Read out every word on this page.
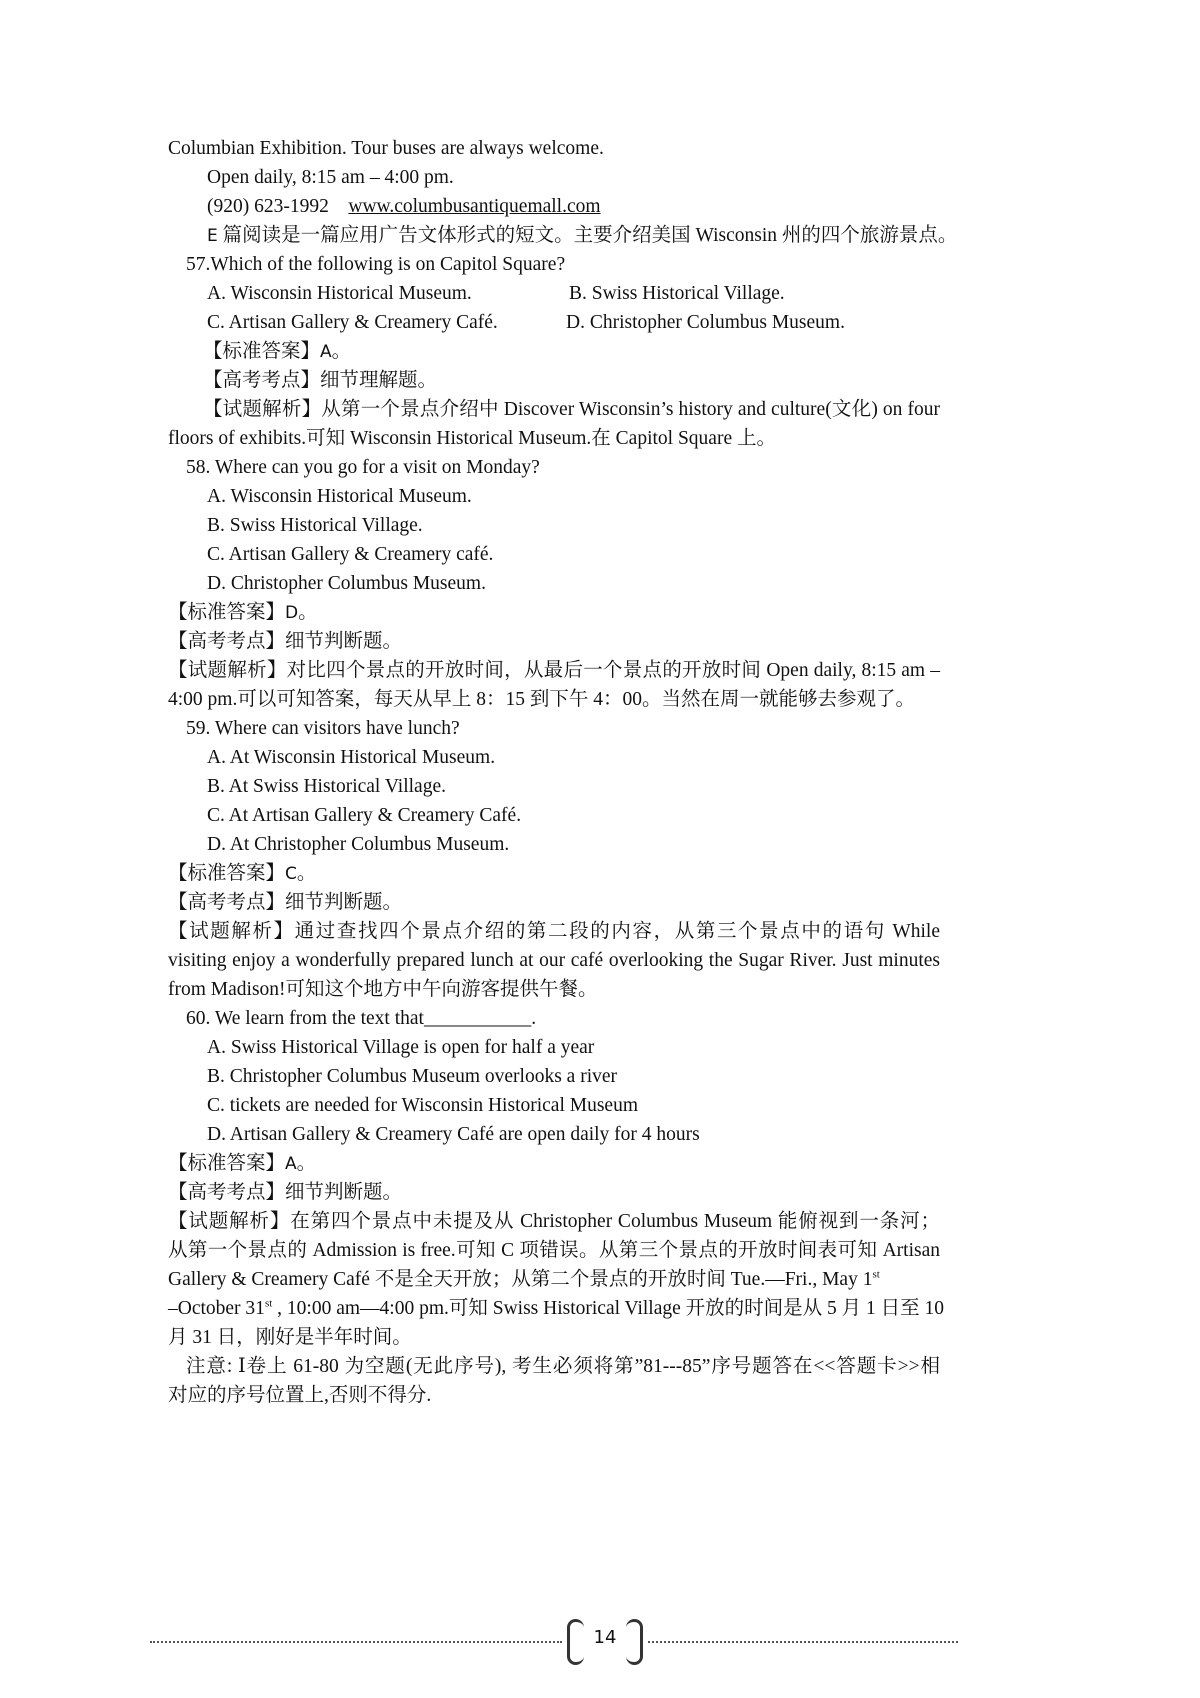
Columbian Exhibition. Tour buses are always welcome.
Open daily, 8:15 am – 4:00 pm.
(920) 623-1992 www.columbusantiquemall.com
E 篇阅读是一篇应用广告文体形式的短文。主要介绍美国 Wisconsin 州的四个旅游景点。
57.Which of the following is on Capitol Square?
A. Wisconsin Historical Museum.	B. Swiss Historical Village.
C. Artisan Gallery & Creamery Café.	D. Christopher Columbus Museum.
【标准答案】A。
【高考考点】细节理解题。
【试题解析】从第一个景点介绍中 Discover Wisconsin’s history and culture(文化) on four
floors of exhibits.可知 Wisconsin Historical Museum.在 Capitol Square 上。
58. Where can you go for a visit on Monday?
A. Wisconsin Historical Museum.
B. Swiss Historical Village.
C. Artisan Gallery & Creamery café.
D. Christopher Columbus Museum.
【标准答案】D。
【高考考点】细节判断题。
【试题解析】对比四个景点的开放时间，从最后一个景点的开放时间 Open daily, 8:15 am –
4:00 pm.可以可知答案，每天从早上 8：15 到下午 4：00。当然在周一就能够去参观了。
59. Where can visitors have lunch?
A. At Wisconsin Historical Museum.
B. At Swiss Historical Village.
C. At Artisan Gallery & Creamery Café.
D. At Christopher Columbus Museum.
【标准答案】C。
【高考考点】细节判断题。
【试题解析】通过查找四个景点介绍的第二段的内容，从第三个景点中的语句 While
visiting enjoy a wonderfully prepared lunch at our café overlooking the Sugar River. Just minutes
from Madison!可知这个地方中午向游客提供午餐。
60. We learn from the text that___________.
A. Swiss Historical Village is open for half a year
B. Christopher Columbus Museum overlooks a river
C. tickets are needed for Wisconsin Historical Museum
D. Artisan Gallery & Creamery Café are open daily for 4 hours
【标准答案】A。
【高考考点】细节判断题。
【试题解析】在第四个景点中未提及从 Christopher Columbus Museum 能俯视到一条河；
从第一个景点的 Admission is free.可知 C 项错误。从第三个景点的开放时间表可知 Artisan
Gallery & Creamery Café 不是全天开放；从第二个景点的开放时间 Tue.—Fri., May 1st
–October 31st , 10:00 am—4:00 pm.可知 Swiss Historical Village 开放的时间是从 5 月 1 日至 10
月 31 日，刚好是半年时间。
注意: Ⅰ卷上 61-80 为空题(无此序号), 考生必须将第”81---85”序号题答在<<答题卡>>相
对应的序号位置上,否则不得分.
14
